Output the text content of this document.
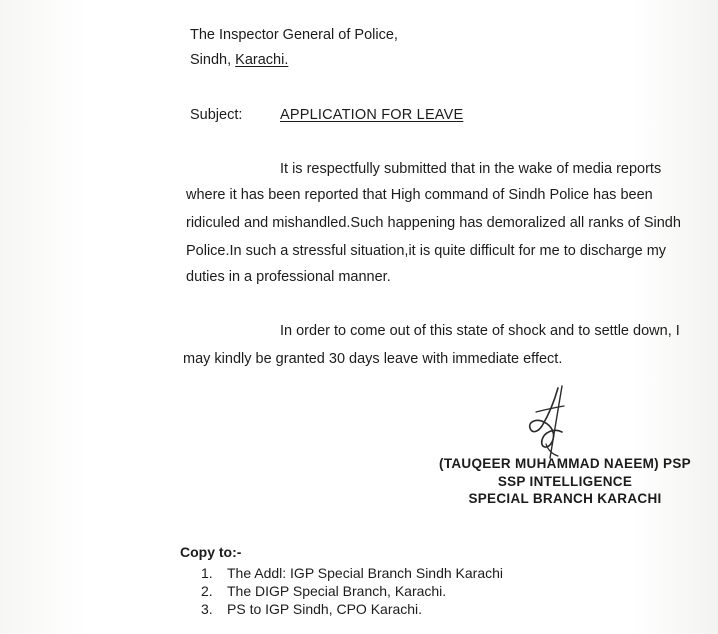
The Inspector General of Police,
Sindh, Karachi.
Subject:	APPLICATION FOR LEAVE
It is respectfully submitted that in the wake of media reports
where it has been reported that High command of Sindh Police has been
ridiculed and mishandled.Such happening has demoralized all ranks of Sindh
Police.In such a stressful situation,it is quite difficult for me to discharge my
duties in a professional manner.
In order to come out of this state of shock and to settle down, I
may kindly be granted 30 days leave with immediate effect.
(TAUQEER MUHAMMAD NAEEM) PSP
SSP INTELLIGENCE
SPECIAL BRANCH KARACHI
Copy to:-
1. The Addl: IGP Special Branch Sindh Karachi
2. The DIGP Special Branch, Karachi.
3. PS to IGP Sindh, CPO Karachi.
